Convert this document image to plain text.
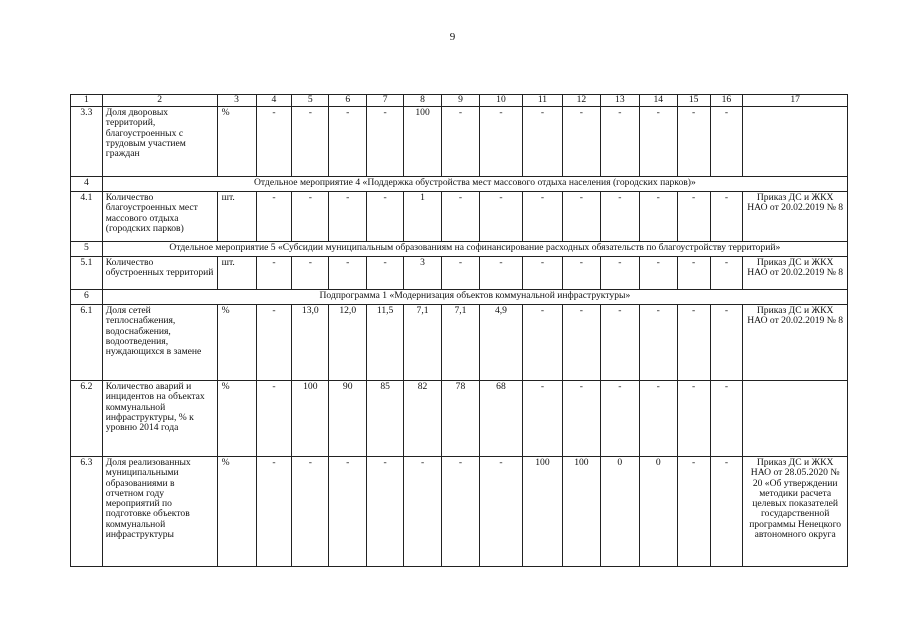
9
1	2	3	4	5	6	7	8	9	10	11	12	13	14	15	16	17
3.3	Доля дворовых территорий, благоустроенных с трудовым участием граждан	%	-	-	-	-	100	-	-	-	-	-	-	-	-	
4	Отдельное мероприятие 4 «Поддержка обустройства мест массового отдыха населения (городских парков)»															
4.1	Количество благоустроенных мест массового отдыха (городских парков)	шт.	-	-	-	-	1	-	-	-	-	-	-	-	-	Приказ ДС и ЖКХ НАО от 20.02.2019 № 8
5	Отдельное мероприятие 5 «Субсидии муниципальным образованиям на софинансирование расходных обязательств по благоустройству территорий»															
5.1	Количество обустроенных территорий	шт.	-	-	-	-	3	-	-	-	-	-	-	-	-	Приказ ДС и ЖКХ НАО от 20.02.2019 № 8
6	Подпрограмма 1 «Модернизация объектов коммунальной инфраструктуры»															
6.1	Доля сетей теплоснабжения, водоснабжения, водоотведения, нуждающихся в замене	%	-	13,0	12,0	11,5	7,1	7,1	4,9	-	-	-	-	-	-	Приказ ДС и ЖКХ НАО от 20.02.2019 № 8
6.2	Количество аварий и инцидентов на объектах коммунальной инфраструктуры, % к уровню 2014 года	%	-	100	90	85	82	78	68	-	-	-	-	-	-	
6.3	Доля реализованных муниципальными образованиями в отчетном году мероприятий по подготовке объектов коммунальной инфраструктуры	%	-	-	-	-	-	-	-	100	100	0	0	-	-	Приказ ДС и ЖКХ НАО от 28.05.2020 № 20 «Об утверждении методики расчета целевых показателей государственной программы Ненецкого автономного округа
